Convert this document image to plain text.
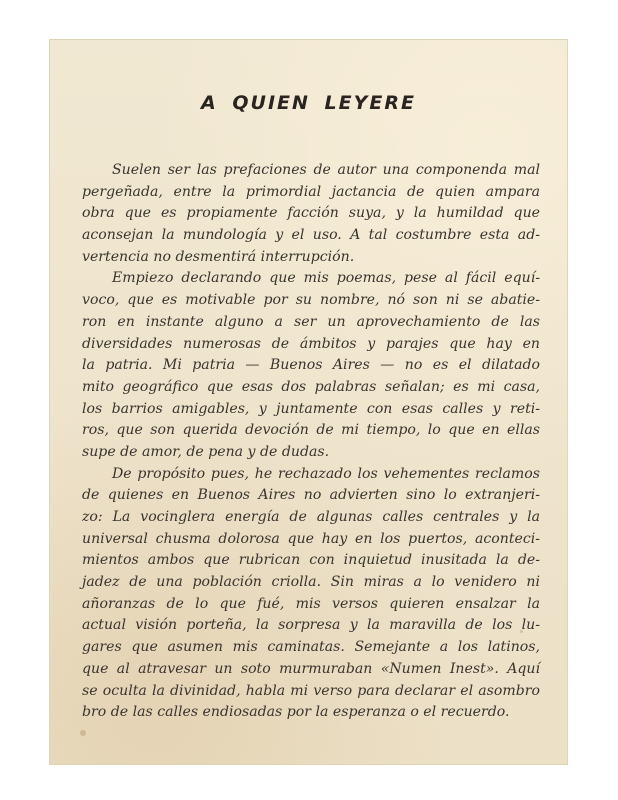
A QUIEN LEYERE
Suelen ser las prefaciones de autor una componenda mal
pergeñada, entre la primordial jactancia de quien ampara
obra que es propiamente facción suya, y la humildad que
aconsejan la mundología y el uso. A tal costumbre esta ad-
vertencia no desmentirá interrupción.
Empiezo declarando que mis poemas, pese al fácil equí-
voco, que es motivable por su nombre, nó son ni se abatie-
ron en instante alguno a ser un aprovechamiento de las
diversidades numerosas de ámbitos y parajes que hay en
la patria. Mi patria — Buenos Aires — no es el dilatado
mito geográfico que esas dos palabras señalan; es mi casa,
los barrios amigables, y juntamente con esas calles y reti-
ros, que son querida devoción de mi tiempo, lo que en ellas
supe de amor, de pena y de dudas.
De propósito pues, he rechazado los vehementes reclamos
de quienes en Buenos Aires no advierten sino lo extranjeri-
zo: La vocinglera energía de algunas calles centrales y la
universal chusma dolorosa que hay en los puertos, aconteci-
mientos ambos que rubrican con inquietud inusitada la de-
jadez de una población criolla. Sin miras a lo venidero ni
añoranzas de lo que fué, mis versos quieren ensalzar la
actual visión porteña, la sorpresa y la maravilla de los lu-
gares que asumen mis caminatas. Semejante a los latinos,
que al atravesar un soto murmuraban «Numen Inest». Aquí
se oculta la divinidad, habla mi verso para declarar el asombro
bro de las calles endiosadas por la esperanza o el recuerdo.
